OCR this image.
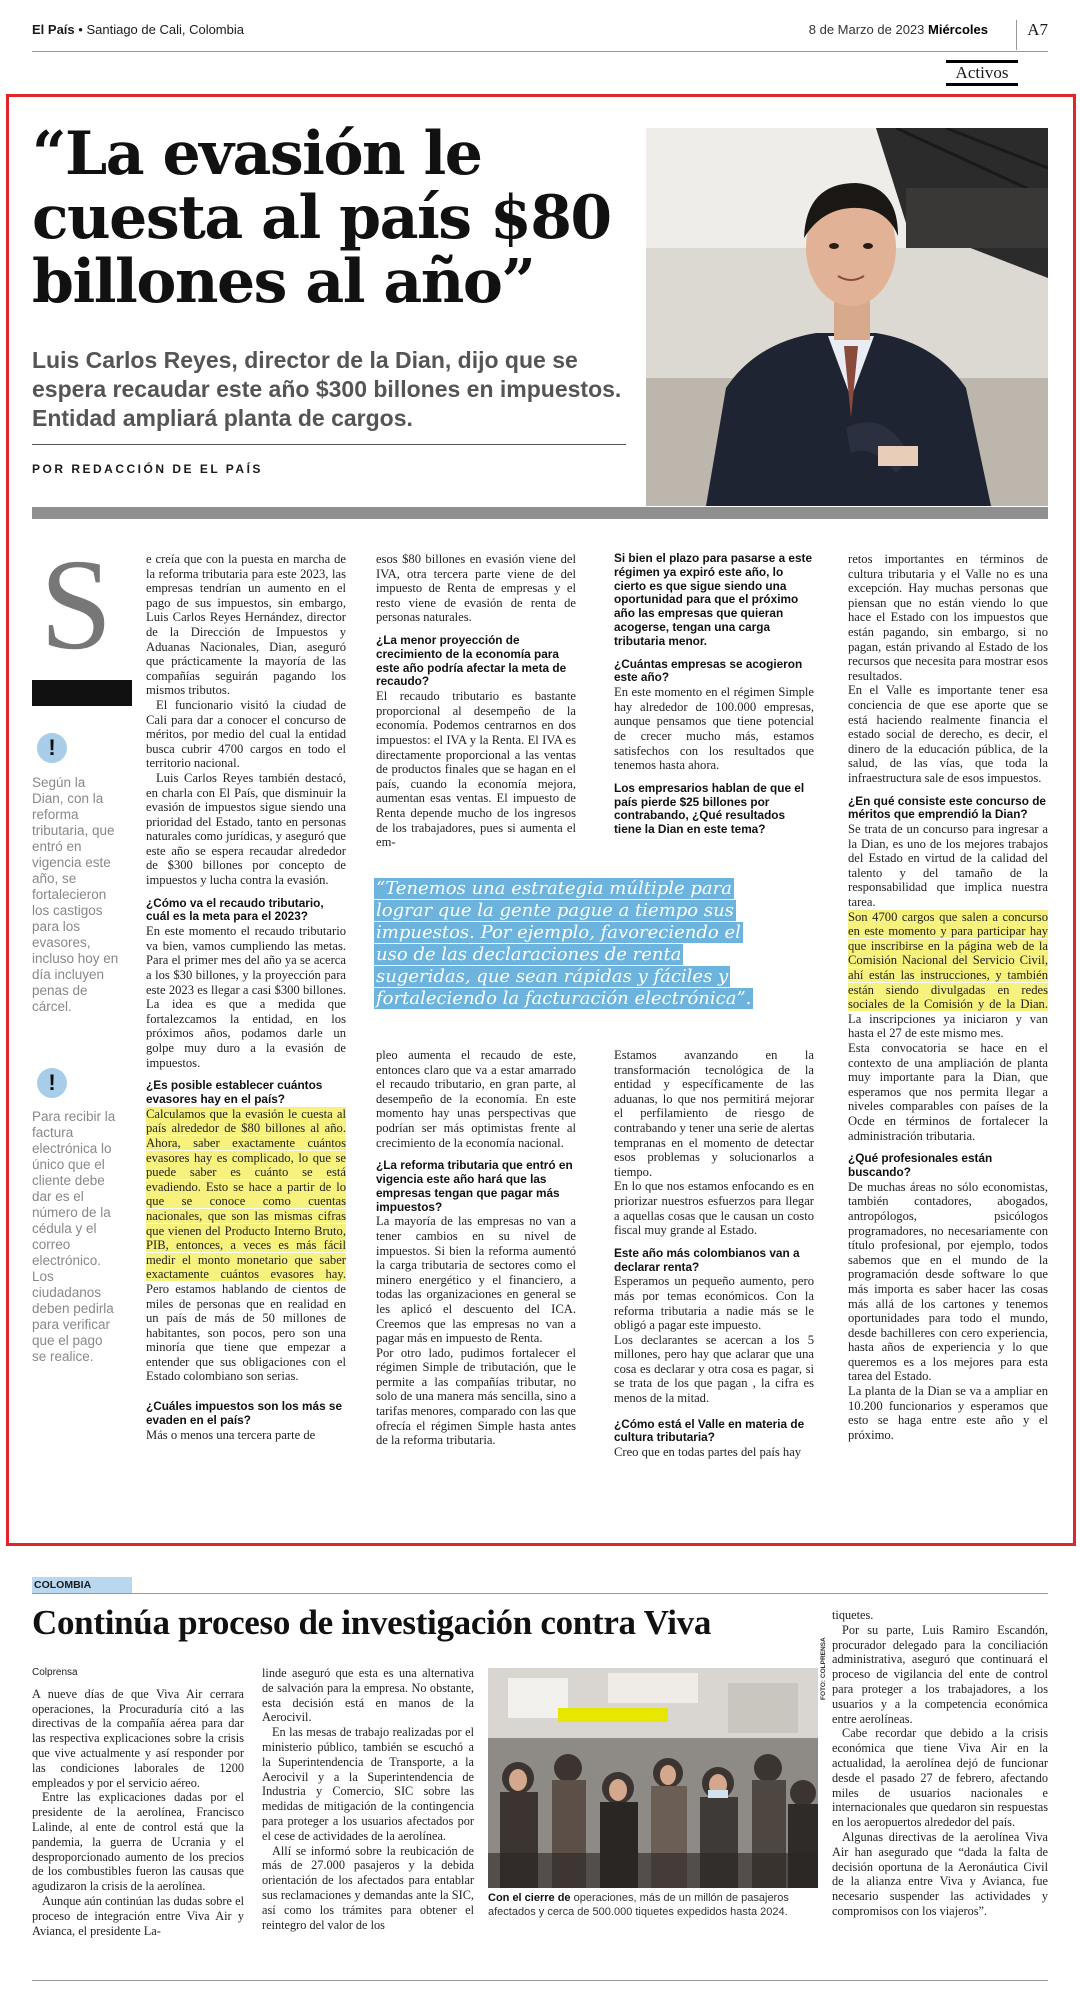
El País • Santiago de Cali, Colombia	8 de Marzo de 2023 Miércoles	A7
Activos
“La evasión le cuesta al país $80 billones al año”
Luis Carlos Reyes, director de la Dian, dijo que se espera recaudar este año $300 billones en impuestos. Entidad ampliará planta de cargos.
POR REDACCIÓN DE EL PAÍS
S
!
Según la Dian, con la reforma tributaria, que entró en vigencia este año, se fortalecieron los castigos para los evasores, incluso hoy en día incluyen penas de cárcel.
!
Para recibir la factura electrónica lo único que el cliente debe dar es el número de la cédula y el correo electrónico. Los ciudadanos deben pedirla para verificar que el pago se realice.

e creía que con la puesta en marcha de la reforma tributaria para este 2023, las empresas tendrían un aumento en el pago de sus impuestos, sin embargo, Luis Carlos Reyes Hernández, director de la Dirección de Impuestos y Aduanas Nacionales, Dian, aseguró que prácticamente la mayoría de las compañías seguirán pagando los mismos tributos.

El funcionario visitó la ciudad de Cali para dar a conocer el concurso de méritos, por medio del cual la entidad busca cubrir 4700 cargos en todo el territorio nacional.

Luis Carlos Reyes también destacó, en charla con El País, que disminuir la evasión de impuestos sigue siendo una prioridad del Estado, tanto en personas naturales como jurídicas, y aseguró que este año se espera recaudar alrededor de $300 billones por concepto de impuestos y lucha contra la evasión.

¿Cómo va el recaudo tributario, cuál es la meta para el 2023?

En este momento el recaudo tributario va bien, vamos cumpliendo las metas. Para el primer mes del año ya se acerca a los $30 billones, y la proyección para este 2023 es llegar a casi $300 billones. La idea es que a medida que fortalezcamos la entidad, en los próximos años, podamos darle un golpe muy duro a la evasión de impuestos.

¿Es posible establecer cuántos evasores hay en el país?

Calculamos que la evasión le cuesta al país alrededor de $80 billones al año. Ahora, saber exactamente cuántos evasores hay es complicado, lo que se puede saber es cuánto se está evadiendo. Esto se hace a partir de lo que se conoce como cuentas nacionales, que son las mismas cifras que vienen del Producto Interno Bruto, PIB, entonces, a veces es más fácil medir el monto monetario que saber exactamente cuántos evasores hay. Pero estamos hablando de cientos de miles de personas que en realidad en un país de más de 50 millones de habitantes, son pocos, pero son una minoría que tiene que empezar a entender que sus obligaciones con el Estado colombiano son serias.

¿Cuáles impuestos son los más se evaden en el país?

Más o menos una tercera parte de

esos $80 billones en evasión viene del IVA, otra tercera parte viene de del impuesto de Renta de empresas y el resto viene de evasión de renta de personas naturales.

¿La menor proyección de crecimiento de la economía para este año podría afectar la meta de recaudo?

El recaudo tributario es bastante proporcional al desempeño de la economía. Podemos centrarnos en dos impuestos: el IVA y la Renta. El IVA es directamente proporcional a las ventas de productos finales que se hagan en el país, cuando la economía mejora, aumentan esas ventas. El impuesto de Renta depende mucho de los ingresos de los trabajadores, pues si aumenta el em-

pleo aumenta el recaudo de este, entonces claro que va a estar amarrado el recaudo tributario, en gran parte, al desempeño de la economía. En este momento hay unas perspectivas que podrían ser más optimistas frente al crecimiento de la economía nacional.

¿La reforma tributaria que entró en vigencia este año hará que las empresas tengan que pagar más impuestos?

La mayoría de las empresas no van a tener cambios en su nivel de impuestos. Si bien la reforma aumentó la carga tributaria de sectores como el minero energético y el financiero, a todas las organizaciones en general se les aplicó el descuento del ICA. Creemos que las empresas no van a pagar más en impuesto de Renta.

Por otro lado, pudimos fortalecer el régimen Simple de tributación, que le permite a las compañías tributar, no solo de una manera más sencilla, sino a tarifas menores, comparado con las que ofrecía el régimen Simple hasta antes de la reforma tributaria.

“Tenemos una estrategia múltiple para lograr que la gente pague a tiempo sus impuestos. Por ejemplo, favoreciendo el uso de las declaraciones de renta sugeridas, que sean rápidas y fáciles y fortaleciendo la facturación electrónica”.
Si bien el plazo para pasarse a este régimen ya expiró este año, lo cierto es que sigue siendo una oportunidad para que el próximo año las empresas que quieran acogerse, tengan una carga tributaria menor.
¿Cuántas empresas se acogieron este año?

En este momento en el régimen Simple hay alrededor de 100.000 empresas, aunque pensamos que tiene potencial de crecer mucho más, estamos satisfechos con los resultados que tenemos hasta ahora.

Los empresarios hablan de que el país pierde $25 billones por contrabando, ¿Qué resultados tiene la Dian en este tema?

Estamos avanzando en la transformación tecnológica de la entidad y específicamente de las aduanas, lo que nos permitirá mejorar el perfilamiento de riesgo de contrabando y tener una serie de alertas tempranas en el momento de detectar esos problemas y solucionarlos a tiempo.

En lo que nos estamos enfocando es en priorizar nuestros esfuerzos para llegar a aquellas cosas que le causan un costo fiscal muy grande al Estado.

Este año más colombianos van a declarar renta?

Esperamos un pequeño aumento, pero más por temas económicos. Con la reforma tributaria a nadie más se le obligó a pagar este impuesto.

Los declarantes se acercan a los 5 millones, pero hay que aclarar que una cosa es declarar y otra cosa es pagar, si se trata de los que pagan , la cifra es menos de la mitad.

¿Cómo está el Valle en materia de cultura tributaria?

Creo que en todas partes del país hay

retos importantes en términos de cultura tributaria y el Valle no es una excepción. Hay muchas personas que piensan que no están viendo lo que hace el Estado con los impuestos que están pagando, sin embargo, si no pagan, están privando al Estado de los recursos que necesita para mostrar esos resultados.

En el Valle es importante tener esa conciencia de que ese aporte que se está haciendo realmente financia el estado social de derecho, es decir, el dinero de la educación pública, de la salud, de las vías, que toda la infraestructura sale de esos impuestos.

¿En qué consiste este concurso de méritos que emprendió la Dian?

Se trata de un concurso para ingresar a la Dian, es uno de los mejores trabajos del Estado en virtud de la calidad del talento y del tamaño de la responsabilidad que implica nuestra tarea.

Son 4700 cargos que salen a concurso en este momento y para participar hay que inscribirse en la página web de la Comisión Nacional del Servicio Civil, ahí están las instrucciones, y también están siendo divulgadas en redes sociales de la Comisión y de la Dian. La inscripciones ya iniciaron y van hasta el 27 de este mismo mes.

Esta convocatoria se hace en el contexto de una ampliación de planta muy importante para la Dian, que esperamos que nos permita llegar a niveles comparables con países de la Ocde en términos de fortalecer la administración tributaria.

¿Qué profesionales están buscando?

De muchas áreas no sólo economistas, también contadores, abogados, antropólogos, psicólogos programadores, no necesariamente con título profesional, por ejemplo, todos sabemos que en el mundo de la programación desde software lo que más importa es saber hacer las cosas más allá de los cartones y tenemos oportunidades para todo el mundo, desde bachilleres con cero experiencia, hasta años de experiencia y lo que queremos es a los mejores para esta tarea del Estado.

La planta de la Dian se va a ampliar en 10.200 funcionarios y esperamos que esto se haga entre este año y el próximo.

COLOMBIA
Continúa proceso de investigación contra Viva
Colprensa

A nueve días de que Viva Air cerrara operaciones, la Procuraduría citó a las directivas de la compañía aérea para dar las respectiva explicaciones sobre la crisis que vive actualmente y así responder por las condiciones laborales de 1200 empleados y por el servicio aéreo.

Entre las explicaciones dadas por el presidente de la aerolínea, Francisco Lalinde, al ente de control está que la pandemia, la guerra de Ucrania y el desproporcionado aumento de los precios de los combustibles fueron las causas que agudizaron la crisis de la aerolínea.

Aunque aún continúan las dudas sobre el proceso de integración entre Viva Air y Avianca, el presidente La-

linde aseguró que esta es una alternativa de salvación para la empresa. No obstante, esta decisión está en manos de la Aerocivil.

En las mesas de trabajo realizadas por el ministerio público, también se escuchó a la Superintendencia de Transporte, a la Aerocivil y a la Superintendencia de Industria y Comercio, SIC sobre las medidas de mitigación de la contingencia para proteger a los usuarios afectados por el cese de actividades de la aerolínea.

Allí se informó sobre la reubicación de más de 27.000 pasajeros y la debida orientación de los afectados para entablar sus reclamaciones y demandas ante la SIC, así como los trámites para obtener el reintegro del valor de los

tiquetes.

Por su parte, Luis Ramiro Escandón, procurador delegado para la conciliación administrativa, aseguró que continuará el proceso de vigilancia del ente de control para proteger a los trabajadores, a los usuarios y a la competencia económica entre aerolíneas.

Cabe recordar que debido a la crisis económica que tiene Viva Air en la actualidad, la aerolínea dejó de funcionar desde el pasado 27 de febrero, afectando miles de usuarios nacionales e internacionales que quedaron sin respuestas en los aeropuertos alrededor del país.

Algunas directivas de la aerolínea Viva Air han asegurado que “dada la falta de decisión oportuna de la Aeronáutica Civil de la alianza entre Viva y Avianca, fue necesario suspender las actividades y compromisos con los viajeros”.

FOTO: COLPRENSA
Con el cierre de operaciones, más de un millón de pasajeros afectados y cerca de 500.000 tiquetes expedidos hasta 2024.
